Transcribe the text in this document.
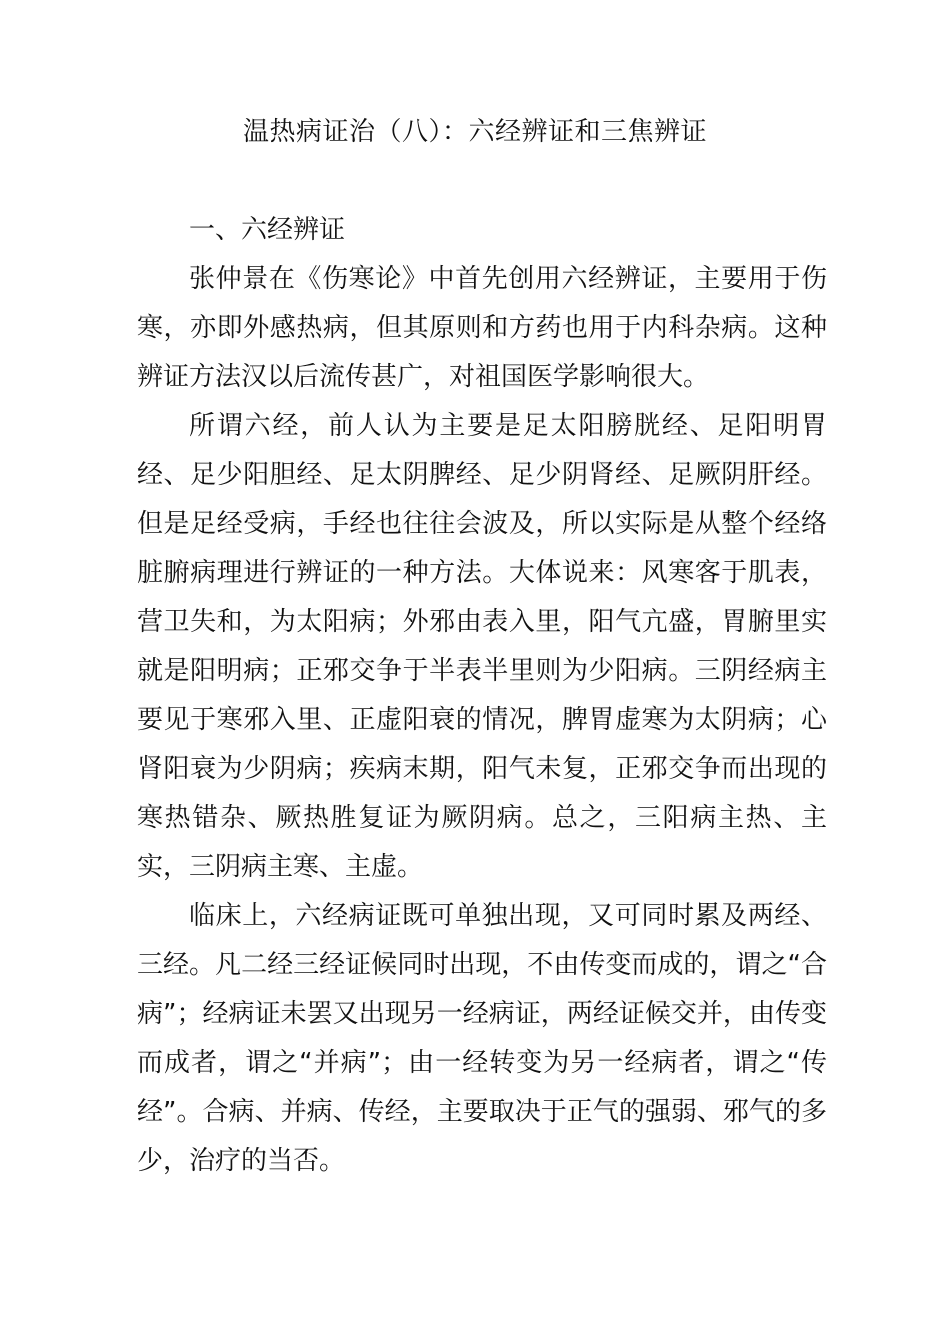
温热病证治（八）：六经辨证和三焦辨证
一、六经辨证

张仲景在《伤寒论》中首先创用六经辨证，主要用于伤寒，亦即外感热病，但其原则和方药也用于内科杂病。这种辨证方法汉以后流传甚广，对祖国医学影响很大。

所谓六经，前人认为主要是足太阳膀胱经、足阳明胃经、足少阳胆经、足太阴脾经、足少阴肾经、足厥阴肝经。但是足经受病，手经也往往会波及，所以实际是从整个经络脏腑病理进行辨证的一种方法。大体说来：风寒客于肌表，营卫失和，为太阳病；外邪由表入里，阳气亢盛，胃腑里实就是阳明病；正邪交争于半表半里则为少阳病。三阴经病主要见于寒邪入里、正虚阳衰的情况，脾胃虚寒为太阴病；心肾阳衰为少阴病；疾病末期，阳气未复，正邪交争而出现的寒热错杂、厥热胜复证为厥阴病。总之，三阳病主热、主实，三阴病主寒、主虚。

临床上，六经病证既可单独出现，又可同时累及两经、三经。凡二经三经证候同时出现，不由传变而成的，谓之“合病”；经病证未罢又出现另一经病证，两经证候交并，由传变而成者，谓之“并病”；由一经转变为另一经病者，谓之“传经”。合病、并病、传经，主要取决于正气的强弱、邪气的多少，治疗的当否。
